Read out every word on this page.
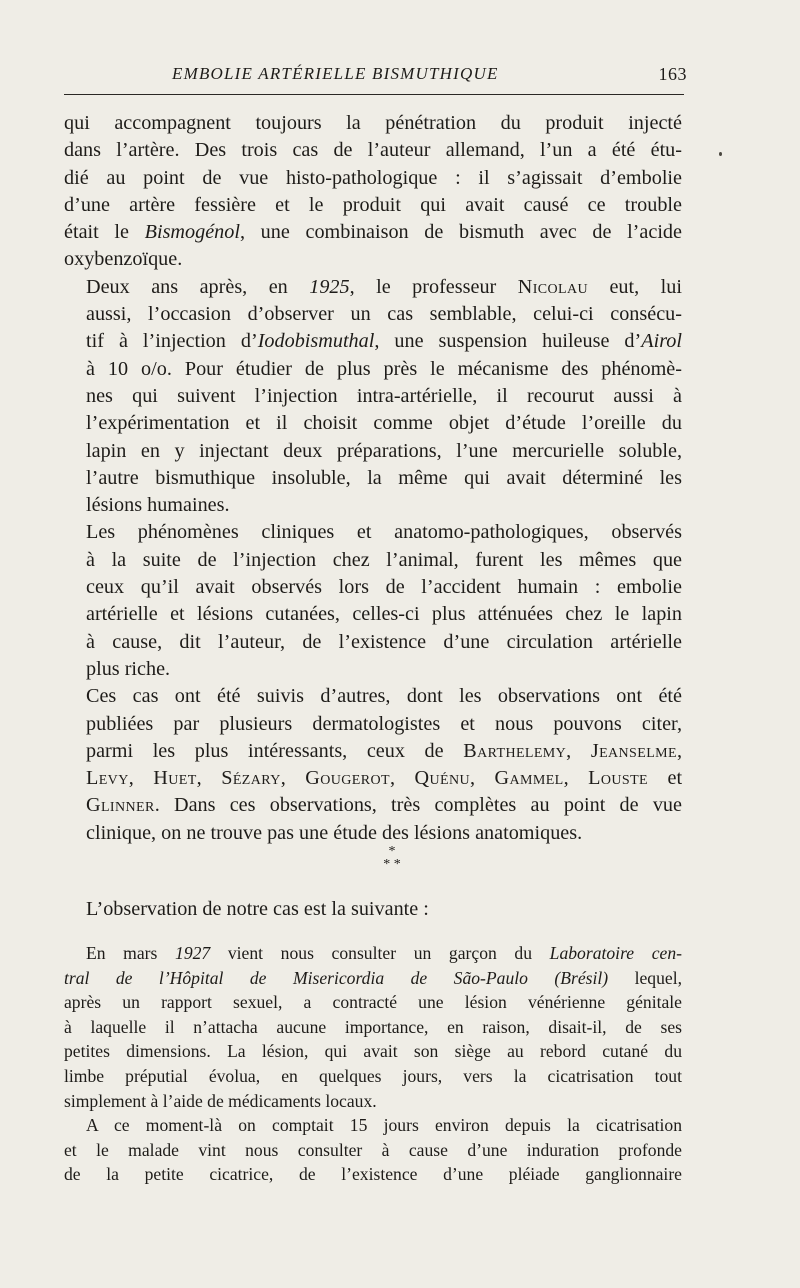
EMBOLIE ARTÉRIELLE BISMUTHIQUE	163

qui accompagnent toujours la pénétration du produit injecté
dans l’artère. Des trois cas de l’auteur allemand, l’un a été étu-
dié au point de vue histo-pathologique : il s’agissait d’embolie
d’une artère fessière et le produit qui avait causé ce trouble
était le Bismogénol, une combinaison de bismuth avec de l’acide
oxybenzoïque.

Deux ans après, en 1925, le professeur Nicolau eut, lui
aussi, l’occasion d’observer un cas semblable, celui-ci consécu-
tif à l’injection d’Iodobismuthal, une suspension huileuse d’Airol
à 10 o/o. Pour étudier de plus près le mécanisme des phénomè-
nes qui suivent l’injection intra-artérielle, il recourut aussi à
l’expérimentation et il choisit comme objet d’étude l’oreille du
lapin en y injectant deux préparations, l’une mercurielle soluble,
l’autre bismuthique insoluble, la même qui avait déterminé les
lésions humaines.

Les phénomènes cliniques et anatomo-pathologiques, observés
à la suite de l’injection chez l’animal, furent les mêmes que
ceux qu’il avait observés lors de l’accident humain : embolie
artérielle et lésions cutanées, celles-ci plus atténuées chez le lapin
à cause, dit l’auteur, de l’existence d’une circulation artérielle
plus riche.

Ces cas ont été suivis d’autres, dont les observations ont été
publiées par plusieurs dermatologistes et nous pouvons citer,
parmi les plus intéressants, ceux de Barthelemy, Jeanselme,
Levy, Huet, Sézary, Gougerot, Quénu, Gammel, Louste et
Glinner. Dans ces observations, très complètes au point de vue
clinique, on ne trouve pas une étude des lésions anatomiques.

*
* *
L’observation de notre cas est la suivante :

En mars 1927 vient nous consulter un garçon du Laboratoire cen-
tral de l’Hôpital de Misericordia de São-Paulo (Brésil) lequel,
après un rapport sexuel, a contracté une lésion vénérienne génitale
à laquelle il n’attacha aucune importance, en raison, disait-il, de ses
petites dimensions. La lésion, qui avait son siège au rebord cutané du
limbe préputial évolua, en quelques jours, vers la cicatrisation tout
simplement à l’aide de médicaments locaux.

A ce moment-là on comptait 15 jours environ depuis la cicatrisation
et le malade vint nous consulter à cause d’une induration profonde
de la petite cicatrice, de l’existence d’une pléiade ganglionnaire
